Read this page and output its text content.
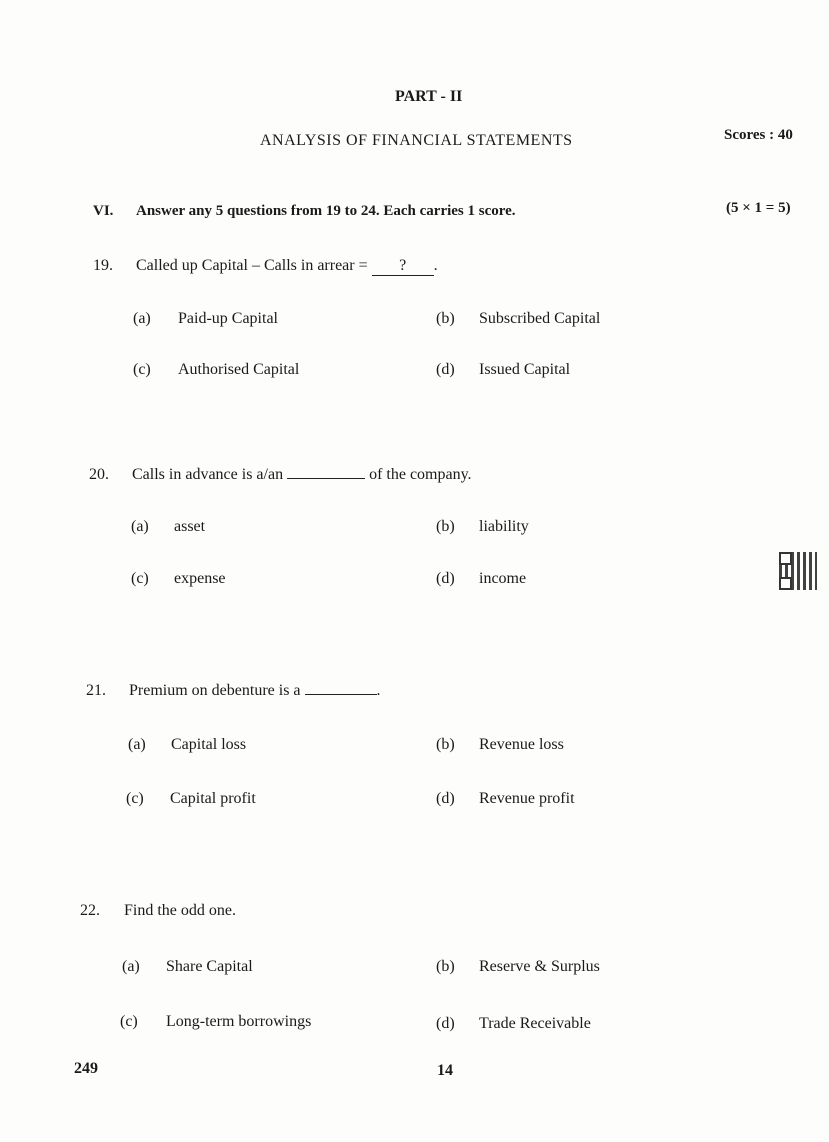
PART - II
ANALYSIS OF FINANCIAL STATEMENTS	Scores : 40
VI. Answer any 5 questions from 19 to 24. Each carries 1 score.	(5 × 1 = 5)
19. Called up Capital – Calls in arrear = ? .
(a) Paid-up Capital	(b) Subscribed Capital
(c) Authorised Capital	(d) Issued Capital
20. Calls in advance is a/an	of the company.
(a) asset	(b) liability
(c) expense	(d) income
21. Premium on debenture is a	.
(a) Capital loss	(b) Revenue loss
(c) Capital profit	(d) Revenue profit
22. Find the odd one.
(a) Share Capital	(b) Reserve & Surplus
(c) Long-term borrowings	(d) Trade Receivable
249	14
